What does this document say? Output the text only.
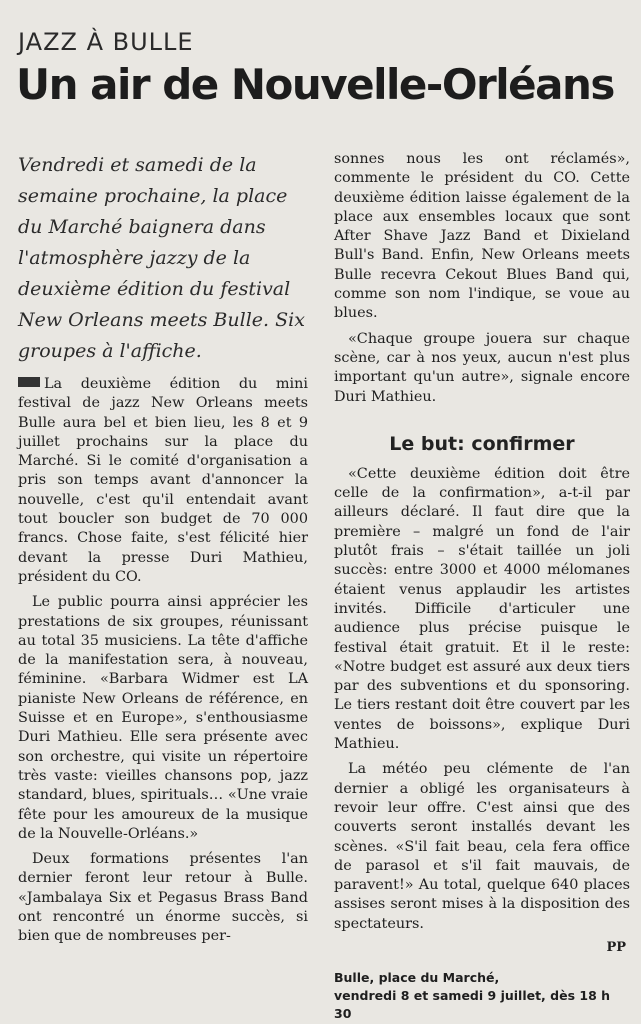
JAZZ À BULLE
Un air de Nouvelle-Orléans

Vendredi et samedi de la semaine prochaine, la place du Marché baignera dans l'atmosphère jazzy de la deuxième édition du festival New Orleans meets Bulle. Six groupes à l'affiche.

La deuxième édition du mini festival de jazz New Orleans meets Bulle aura bel et bien lieu, les 8 et 9 juillet prochains sur la place du Marché. Si le comité d'organisation a pris son temps avant d'annoncer la nouvelle, c'est qu'il entendait avant tout boucler son budget de 70 000 francs. Chose faite, s'est félicité hier devant la presse Duri Mathieu, président du CO.

Le public pourra ainsi apprécier les prestations de six groupes, réunissant au total 35 musiciens. La tête d'affiche de la manifestation sera, à nouveau, féminine. «Barbara Widmer est LA pianiste New Orleans de référence, en Suisse et en Europe», s'enthousiasme Duri Mathieu. Elle sera présente avec son orchestre, qui visite un répertoire très vaste: vieilles chansons pop, jazz standard, blues, spirituals… «Une vraie fête pour les amoureux de la musique de la Nouvelle-Orléans.»

Deux formations présentes l'an dernier feront leur retour à Bulle. «Jambalaya Six et Pegasus Brass Band ont rencontré un énorme succès, si bien que de nombreuses per-

sonnes nous les ont réclamés», commente le président du CO. Cette deuxième édition laisse également de la place aux ensembles locaux que sont After Shave Jazz Band et Dixieland Bull's Band. Enfin, New Orleans meets Bulle recevra Cekout Blues Band qui, comme son nom l'indique, se voue au blues.

«Chaque groupe jouera sur chaque scène, car à nos yeux, aucun n'est plus important qu'un autre», signale encore Duri Mathieu.

Le but: confirmer

«Cette deuxième édition doit être celle de la confirmation», a-t-il par ailleurs déclaré. Il faut dire que la première – malgré un fond de l'air plutôt frais – s'était taillée un joli succès: entre 3000 et 4000 mélomanes étaient venus applaudir les artistes invités. Difficile d'articuler une audience plus précise puisque le festival était gratuit. Et il le reste: «Notre budget est assuré aux deux tiers par des subventions et du sponsoring. Le tiers restant doit être couvert par les ventes de boissons», explique Duri Mathieu.

La météo peu clémente de l'an dernier a obligé les organisateurs à revoir leur offre. C'est ainsi que des couverts seront installés devant les scènes. «S'il fait beau, cela fera office de parasol et s'il fait mauvais, de paravent!» Au total, quelque 640 places assises seront mises à la disposition des spectateurs.

PP
Bulle, place du Marché,
vendredi 8 et samedi 9 juillet, dès 18 h 30
